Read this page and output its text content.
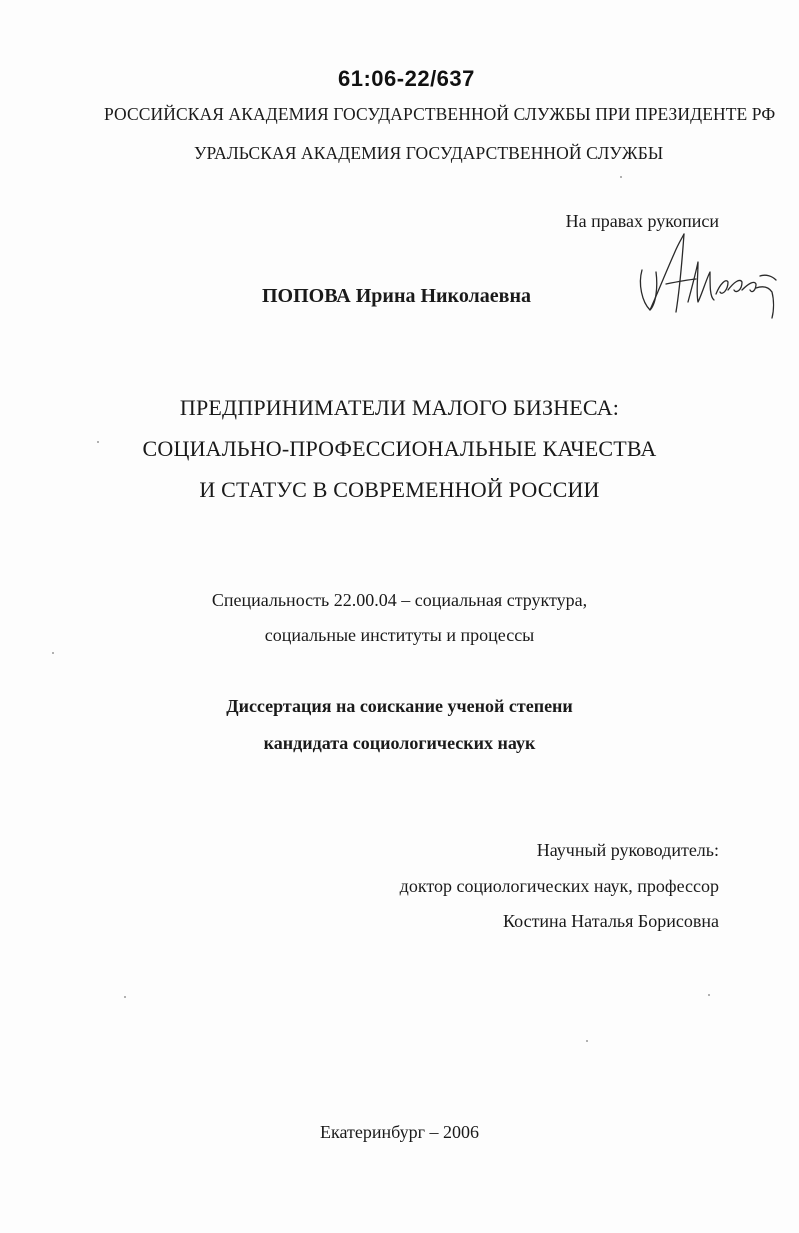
61:06-22/637
РОССИЙСКАЯ АКАДЕМИЯ ГОСУДАРСТВЕННОЙ СЛУЖБЫ ПРИ ПРЕЗИДЕНТЕ РФ
УРАЛЬСКАЯ АКАДЕМИЯ ГОСУДАРСТВЕННОЙ СЛУЖБЫ
На правах рукописи
ПОПОВА Ирина Николаевна
ПРЕДПРИНИМАТЕЛИ МАЛОГО БИЗНЕСА:
СОЦИАЛЬНО-ПРОФЕССИОНАЛЬНЫЕ КАЧЕСТВА
И СТАТУС В СОВРЕМЕННОЙ РОССИИ
Специальность 22.00.04 – социальная структура,
социальные институты и процессы
Диссертация на соискание ученой степени
кандидата социологических наук
Научный руководитель:
доктор социологических наук, профессор
Костина Наталья Борисовна
Екатеринбург – 2006
